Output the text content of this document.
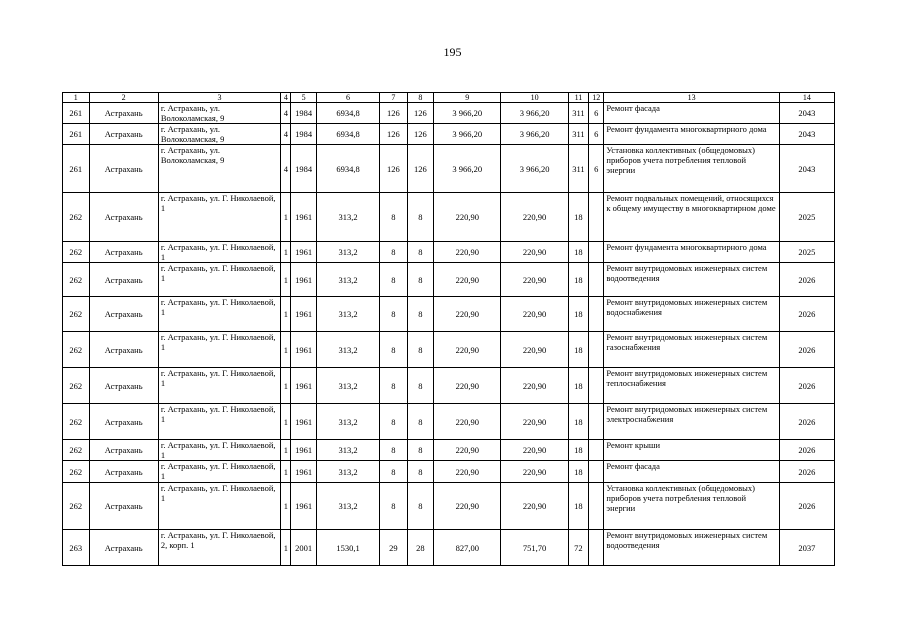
195
1	2	3	4	5	6	7	8	9	10	11	12	13	14
261	Астрахань	г. Астрахань, ул. Волоколамская, 9	4	1984	6934,8	126	126	3 966,20	3 966,20	311	6	Ремонт фасада	2043
261	Астрахань	г. Астрахань, ул. Волоколамская, 9	4	1984	6934,8	126	126	3 966,20	3 966,20	311	6	Ремонт фундамента многоквартирного дома	2043
261	Астрахань	г. Астрахань, ул. Волоколамская, 9	4	1984	6934,8	126	126	3 966,20	3 966,20	311	6	Установка коллективных (общедомовых) приборов учета потребления тепловой энергии	2043
262	Астрахань	г. Астрахань, ул. Г. Николаевой, 1	1	1961	313,2	8	8	220,90	220,90	18		Ремонт подвальных помещений, относящихся к общему имуществу в многоквартирном доме	2025
262	Астрахань	г. Астрахань, ул. Г. Николаевой, 1	1	1961	313,2	8	8	220,90	220,90	18		Ремонт фундамента многоквартирного дома	2025
262	Астрахань	г. Астрахань, ул. Г. Николаевой, 1	1	1961	313,2	8	8	220,90	220,90	18		Ремонт внутридомовых инженерных систем водоотведения	2026
262	Астрахань	г. Астрахань, ул. Г. Николаевой, 1	1	1961	313,2	8	8	220,90	220,90	18		Ремонт внутридомовых инженерных систем водоснабжения	2026
262	Астрахань	г. Астрахань, ул. Г. Николаевой, 1	1	1961	313,2	8	8	220,90	220,90	18		Ремонт внутридомовых инженерных систем газоснабжения	2026
262	Астрахань	г. Астрахань, ул. Г. Николаевой, 1	1	1961	313,2	8	8	220,90	220,90	18		Ремонт внутридомовых инженерных систем теплоснабжения	2026
262	Астрахань	г. Астрахань, ул. Г. Николаевой, 1	1	1961	313,2	8	8	220,90	220,90	18		Ремонт внутридомовых инженерных систем электроснабжения	2026
262	Астрахань	г. Астрахань, ул. Г. Николаевой, 1	1	1961	313,2	8	8	220,90	220,90	18		Ремонт крыши	2026
262	Астрахань	г. Астрахань, ул. Г. Николаевой, 1	1	1961	313,2	8	8	220,90	220,90	18		Ремонт фасада	2026
262	Астрахань	г. Астрахань, ул. Г. Николаевой, 1	1	1961	313,2	8	8	220,90	220,90	18		Установка коллективных (общедомовых) приборов учета потребления тепловой энергии	2026
263	Астрахань	г. Астрахань, ул. Г. Николаевой, 2, корп. 1	1	2001	1530,1	29	28	827,00	751,70	72		Ремонт внутридомовых инженерных систем водоотведения	2037
